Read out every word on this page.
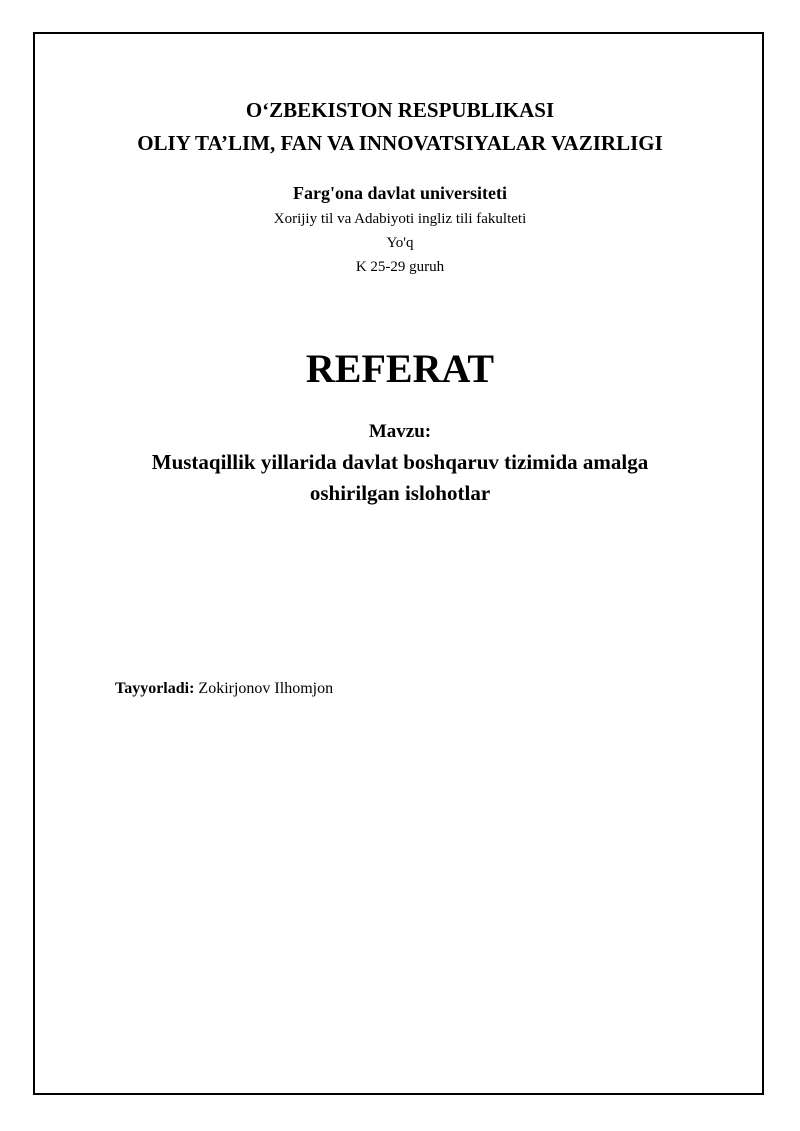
O‘ZBEKISTON RESPUBLIKASI
OLIY TA’LIM, FAN VA INNOVATSIYALAR VAZIRLIGI
Farg'ona davlat universiteti
Xorijiy til va Adabiyoti ingliz tili fakulteti
Yo'q
K 25-29 guruh
REFERAT
Mavzu:
Mustaqillik yillarida davlat boshqaruv tizimida amalga
oshirilgan islohotlar
Tayyorladi: Zokirjonov Ilhomjon
